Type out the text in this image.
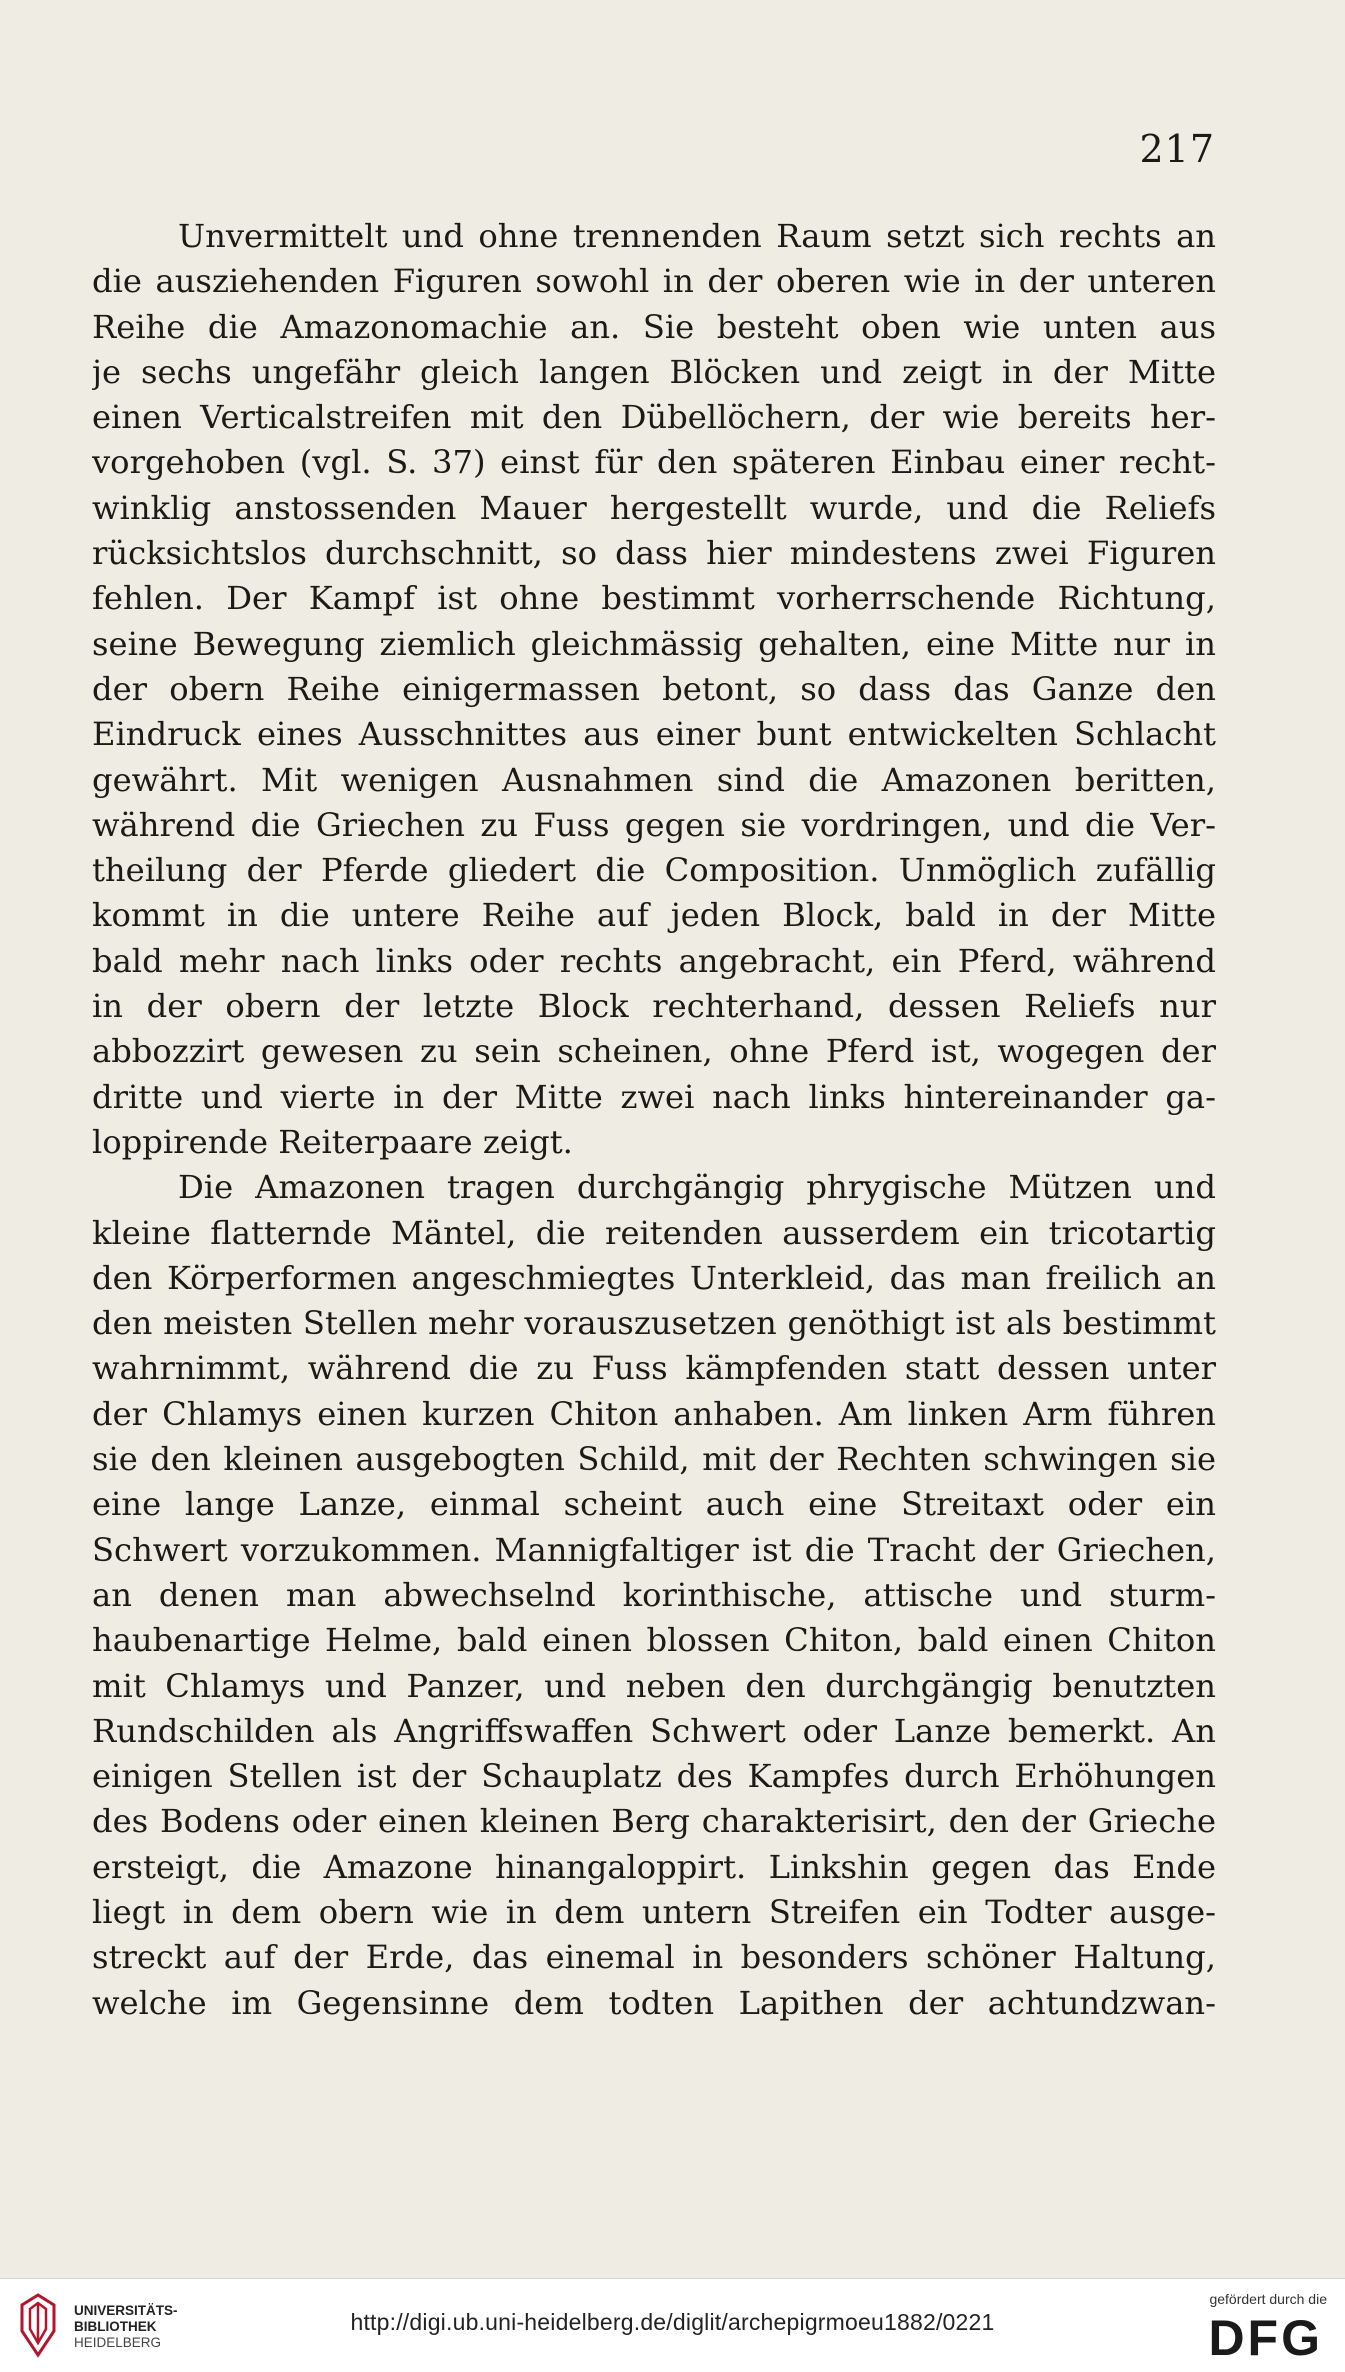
217
Unvermittelt und ohne trennenden Raum setzt sich rechts an
die ausziehenden Figuren sowohl in der oberen wie in der unteren
Reihe die Amazonomachie an. Sie besteht oben wie unten aus
je sechs ungefähr gleich langen Blöcken und zeigt in der Mitte
einen Verticalstreifen mit den Dübellöchern, der wie bereits her-
vorgehoben (vgl. S. 37) einst für den späteren Einbau einer recht-
winklig anstossenden Mauer hergestellt wurde, und die Reliefs
rücksichtslos durchschnitt, so dass hier mindestens zwei Figuren
fehlen. Der Kampf ist ohne bestimmt vorherrschende Richtung,
seine Bewegung ziemlich gleichmässig gehalten, eine Mitte nur in
der obern Reihe einigermassen betont, so dass das Ganze den
Eindruck eines Ausschnittes aus einer bunt entwickelten Schlacht
gewährt. Mit wenigen Ausnahmen sind die Amazonen beritten,
während die Griechen zu Fuss gegen sie vordringen, und die Ver-
theilung der Pferde gliedert die Composition. Unmöglich zufällig
kommt in die untere Reihe auf jeden Block, bald in der Mitte
bald mehr nach links oder rechts angebracht, ein Pferd, während
in der obern der letzte Block rechterhand, dessen Reliefs nur
abbozzirt gewesen zu sein scheinen, ohne Pferd ist, wogegen der
dritte und vierte in der Mitte zwei nach links hintereinander ga-
loppirende Reiterpaare zeigt.
Die Amazonen tragen durchgängig phrygische Mützen und
kleine flatternde Mäntel, die reitenden ausserdem ein tricotartig
den Körperformen angeschmiegtes Unterkleid, das man freilich an
den meisten Stellen mehr vorauszusetzen genöthigt ist als bestimmt
wahrnimmt, während die zu Fuss kämpfenden statt dessen unter
der Chlamys einen kurzen Chiton anhaben. Am linken Arm führen
sie den kleinen ausgebogten Schild, mit der Rechten schwingen sie
eine lange Lanze, einmal scheint auch eine Streitaxt oder ein
Schwert vorzukommen. Mannigfaltiger ist die Tracht der Griechen,
an denen man abwechselnd korinthische, attische und sturm-
haubenartige Helme, bald einen blossen Chiton, bald einen Chiton
mit Chlamys und Panzer, und neben den durchgängig benutzten
Rundschilden als Angriffswaffen Schwert oder Lanze bemerkt. An
einigen Stellen ist der Schauplatz des Kampfes durch Erhöhungen
des Bodens oder einen kleinen Berg charakterisirt, den der Grieche
ersteigt, die Amazone hinangaloppirt. Linkshin gegen das Ende
liegt in dem obern wie in dem untern Streifen ein Todter ausge-
streckt auf der Erde, das einemal in besonders schöner Haltung,
welche im Gegensinne dem todten Lapithen der achtundzwan-
UNIVERSITÄTS-
BIBLIOTHEK
HEIDELBERG
http://digi.ub.uni-heidelberg.de/diglit/archepigrmoeu1882/0221
gefördert durch die
DFG
